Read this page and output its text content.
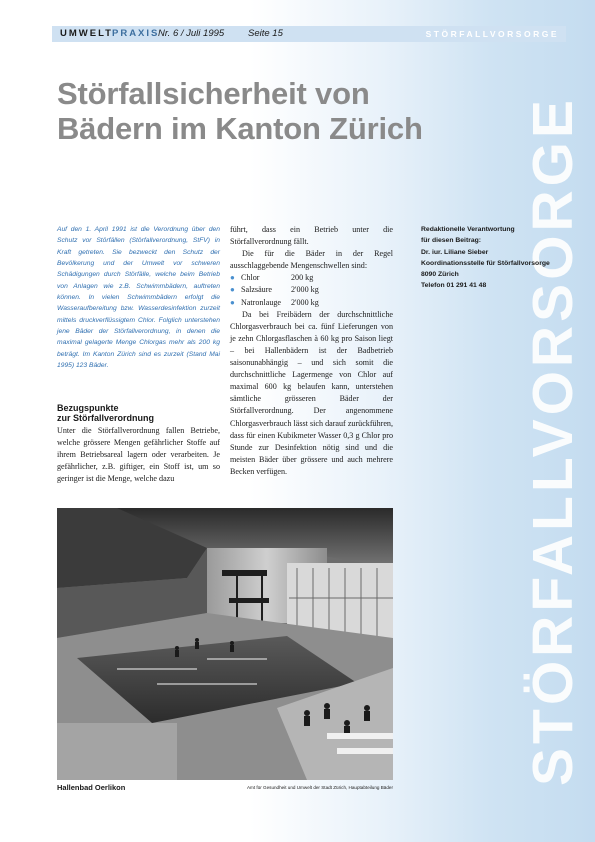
UMWELT PRAXIS
Nr. 6 / Juli 1995	Seite 15	STÖRFALLVORSORGE
STÖRFALLVORSORGE
Störfallsicherheit von
Bädern im Kanton Zürich

Auf den 1. April 1991 ist die Verordnung über den Schutz vor Störfällen (Störfallverordnung, StFV) in Kraft getreten. Sie bezweckt den Schutz der Bevölkerung und der Umwelt vor schweren Schädigungen durch Störfälle, welche beim Betrieb von Anlagen wie z.B. Schwimmbädern, auftreten können. In vielen Schwimmbädern erfolgt die Wasseraufbereitung bzw. Wasserdesinfektion zurzeit mittels druckverflüssigtem Chlor. Folglich unterstehen jene Bäder der Störfallverordnung, in denen die maximal gelagerte Menge Chlorgas mehr als 200 kg beträgt. Im Kanton Zürich sind es zurzeit (Stand Mai 1995) 123 Bäder.

Bezugspunkte
zur Störfallverordnung

Unter die Störfallverordnung fallen Betriebe, welche grössere Mengen gefährlicher Stoffe auf ihrem Betriebsareal lagern oder verarbeiten. Je gefährlicher, z.B. giftiger, ein Stoff ist, um so geringer ist die Menge, welche dazu

führt, dass ein Betrieb unter die Störfallverordnung fällt.

Die für die Bäder in der Regel ausschlaggebende Mengenschwellen sind:

● Chlor	200 kg
● Salzsäure	2'000 kg
● Natronlauge	2'000 kg

Da bei Freibädern der durchschnittliche Chlorgasverbrauch bei ca. fünf Lieferungen von je zehn Chlorgasflaschen à 60 kg pro Saison liegt – bei Hallenbädern ist der Badbetrieb saisonunabhängig – und sich somit die durchschnittliche Lagermenge von Chlor auf maximal 600 kg belaufen kann, unterstehen sämtliche grösseren Bäder der Störfallverordnung. Der angenommene Chlorgasverbrauch lässt sich darauf zurückführen, dass für einen Kubikmeter Wasser 0,3 g Chlor pro Stunde zur Desinfektion nötig sind und die meisten Bäder über grössere und auch mehrere Becken verfügen.

Redaktionelle Verantwortung
für diesen Beitrag:
Dr. iur. Liliane Sieber
Koordinationsstelle für Störfallvorsorge
8090 Zürich
Telefon 01 291 41 48
Hallenbad Oerlikon	Amt für Gesundheit und Umwelt der Stadt Zürich, Hauptabteilung Bäder
